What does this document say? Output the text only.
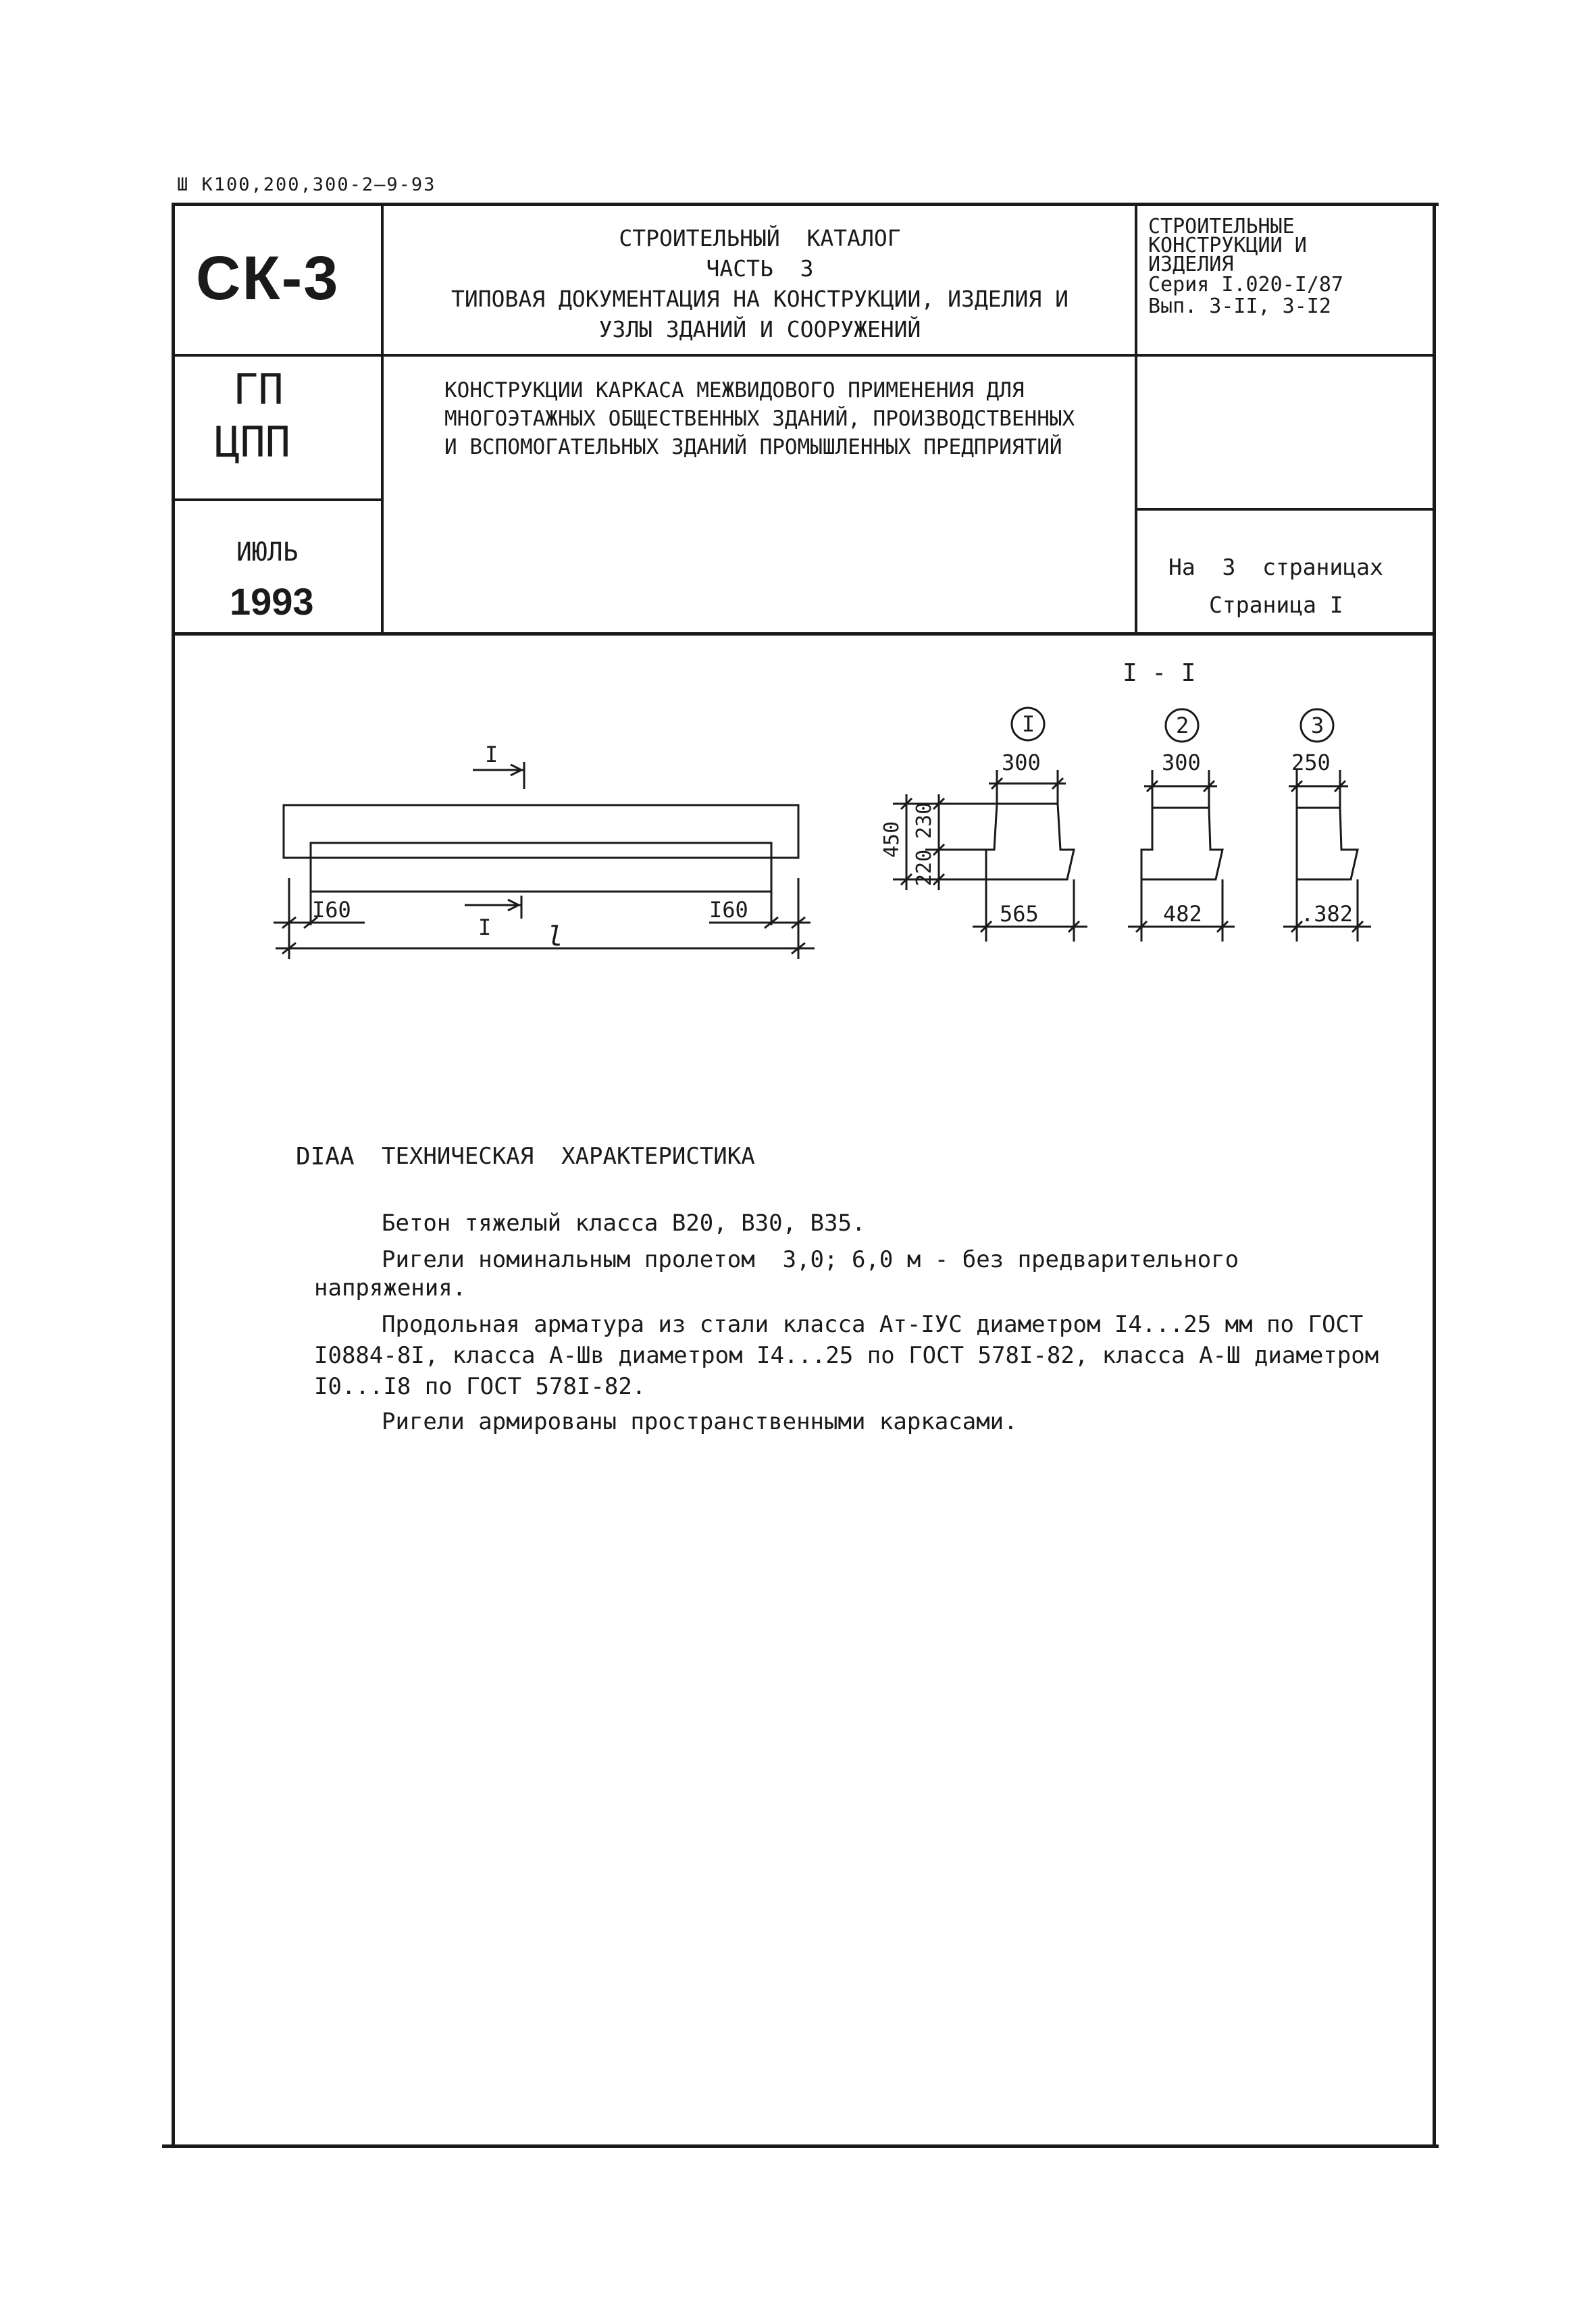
Ш К100,200,300-2—9-93
СК-3
СТРОИТЕЛЬНЫЙ  КАТАЛОГ
ЧАСТЬ  3
ТИПОВАЯ ДОКУМЕНТАЦИЯ НА КОНСТРУКЦИИ, ИЗДЕЛИЯ И
УЗЛЫ ЗДАНИЙ И СООРУЖЕНИЙ
СТРОИТЕЛЬНЫЕ
КОНСТРУКЦИИ И
ИЗДЕЛИЯ
Серия I.020-I/87
Вып. 3-II, 3-I2
ГП
ЦПП
КОНСТРУКЦИИ КАРКАСА МЕЖВИДОВОГО ПРИМЕНЕНИЯ ДЛЯ
МНОГОЭТАЖНЫХ ОБЩЕСТВЕННЫХ ЗДАНИЙ, ПРОИЗВОДСТВЕННЫХ
И ВСПОМОГАТЕЛЬНЫХ ЗДАНИЙ ПРОМЫШЛЕННЫХ ПРЕДПРИЯТИЙ
ИЮЛЬ
1993
На  3  страницах
Страница I
I
I
I60	I60
l
I - I
I
300
565
450
230
220
2
300
482
3
250
.382
DIAA ТЕХНИЧЕСКАЯ  ХАРАКТЕРИСТИКА
Бетон тяжелый класса В20, В30, В35.
Ригели номинальным пролетом  3,0; 6,0 м - без предварительного
напряжения.
Продольная арматура из стали класса Ат-IУС диаметром I4...25 мм по ГОСТ
I0884-8I, класса А-Шв диаметром I4...25 по ГОСТ 578I-82, класса А-Ш диаметром
I0...I8 по ГОСТ 578I-82.
Ригели армированы пространственными каркасами.
